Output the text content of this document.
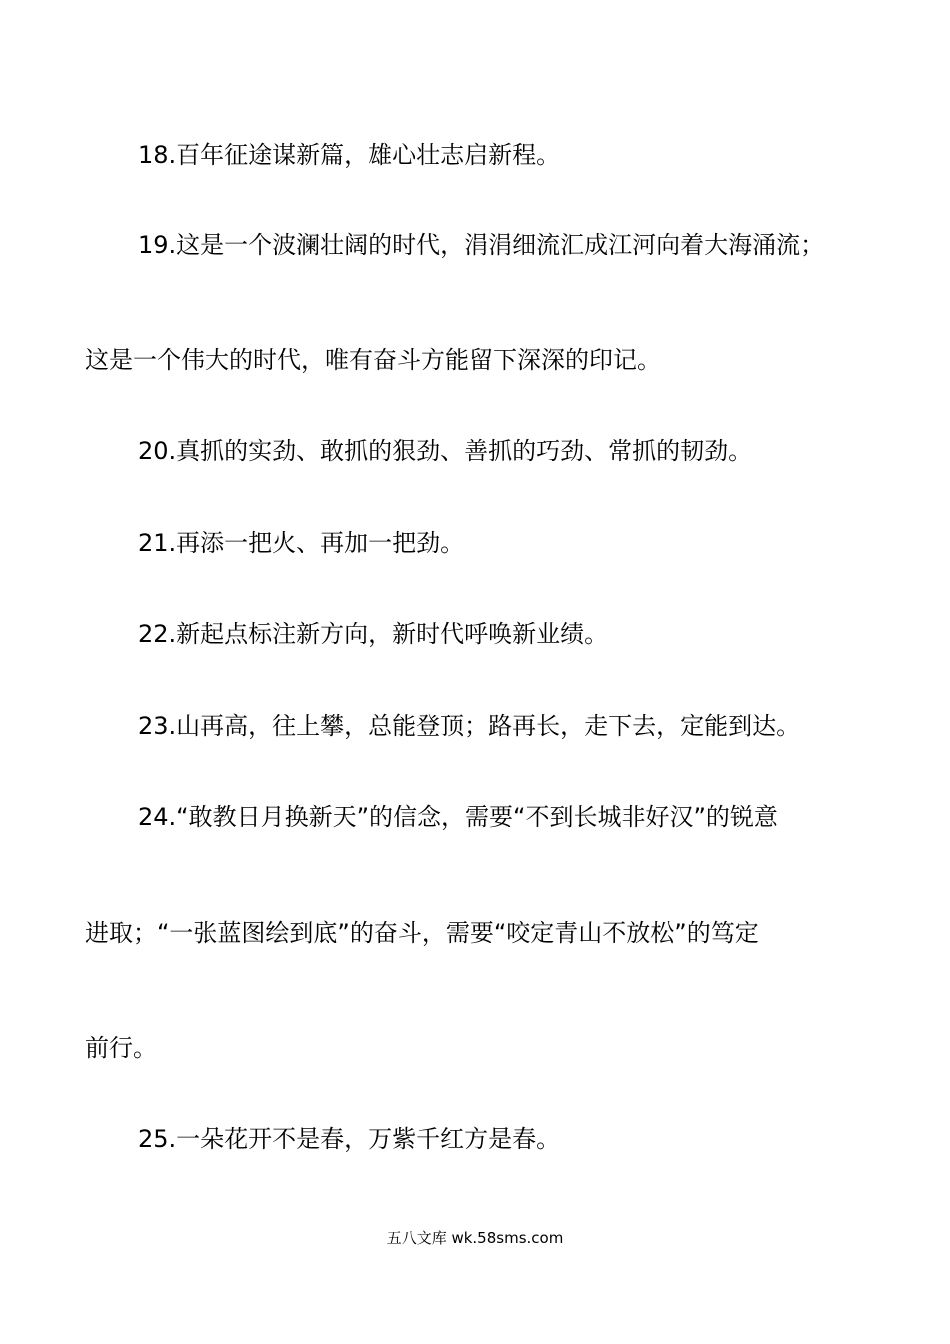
18.百年征途谋新篇，雄心壮志启新程。
19.这是一个波澜壮阔的时代，涓涓细流汇成江河向着大海涌流；
这是一个伟大的时代，唯有奋斗方能留下深深的印记。
20.真抓的实劲、敢抓的狠劲、善抓的巧劲、常抓的韧劲。
21.再添一把火、再加一把劲。
22.新起点标注新方向，新时代呼唤新业绩。
23.山再高，往上攀，总能登顶；路再长，走下去，定能到达。
24.“敢教日月换新天”的信念，需要“不到长城非好汉”的锐意
进取；“一张蓝图绘到底”的奋斗，需要“咬定青山不放松”的笃定
前行。
25.一朵花开不是春，万紫千红方是春。
五八文库 wk.58sms.com
